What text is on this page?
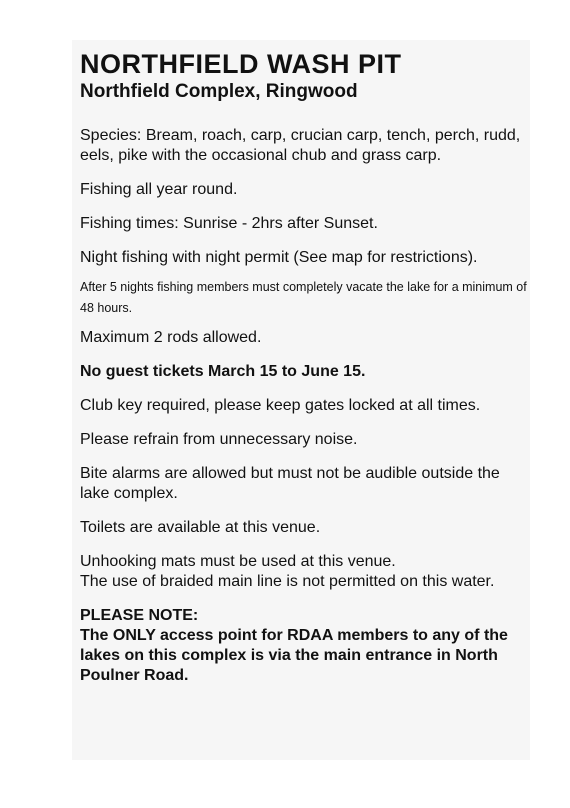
NORTHFIELD WASH PIT
Northfield Complex, Ringwood

Species: Bream, roach, carp, crucian carp, tench, perch, rudd, eels, pike with the occasional chub and grass carp.

Fishing all year round.

Fishing times: Sunrise - 2hrs after Sunset.

Night fishing with night permit (See map for restrictions).

After 5 nights fishing members must completely vacate the lake for a minimum of 48 hours.

Maximum 2 rods allowed.

No guest tickets March 15 to June 15.

Club key required, please keep gates locked at all times.

Please refrain from unnecessary noise.

Bite alarms are allowed but must not be audible outside the lake complex.

Toilets are available at this venue.

Unhooking mats must be used at this venue.

The use of braided main line is not permitted on this water.

PLEASE NOTE:

The ONLY access point for RDAA members to any of the lakes on this complex is via the main entrance in North Poulner Road.
